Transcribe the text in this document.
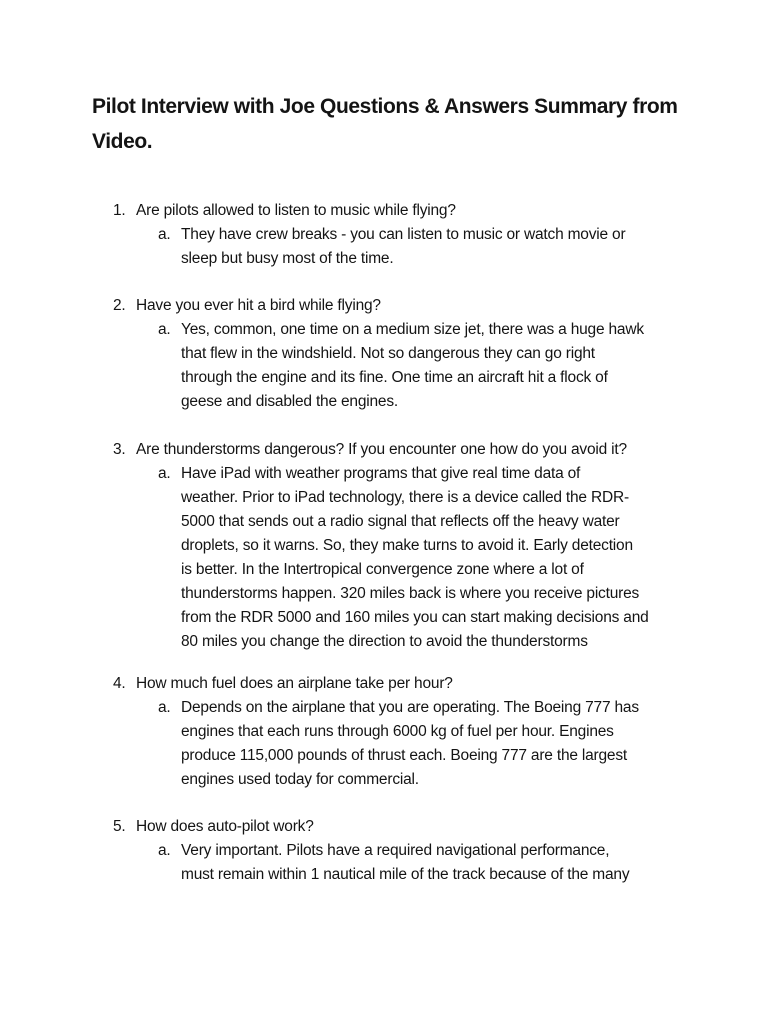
Pilot Interview with Joe Questions & Answers Summary from
Video.
1. Are pilots allowed to listen to music while flying?
a. They have crew breaks - you can listen to music or watch movie or
sleep but busy most of the time.
2. Have you ever hit a bird while flying?
a. Yes, common, one time on a medium size jet, there was a huge hawk
that flew in the windshield. Not so dangerous they can go right
through the engine and its fine. One time an aircraft hit a flock of
geese and disabled the engines.
3. Are thunderstorms dangerous? If you encounter one how do you avoid it?
a. Have iPad with weather programs that give real time data of
weather. Prior to iPad technology, there is a device called the RDR-
5000 that sends out a radio signal that reflects off the heavy water
droplets, so it warns. So, they make turns to avoid it. Early detection
is better. In the Intertropical convergence zone where a lot of
thunderstorms happen. 320 miles back is where you receive pictures
from the RDR 5000 and 160 miles you can start making decisions and
80 miles you change the direction to avoid the thunderstorms
4. How much fuel does an airplane take per hour?
a. Depends on the airplane that you are operating. The Boeing 777 has
engines that each runs through 6000 kg of fuel per hour. Engines
produce 115,000 pounds of thrust each. Boeing 777 are the largest
engines used today for commercial.
5. How does auto-pilot work?
a. Very important. Pilots have a required navigational performance,
must remain within 1 nautical mile of the track because of the many
